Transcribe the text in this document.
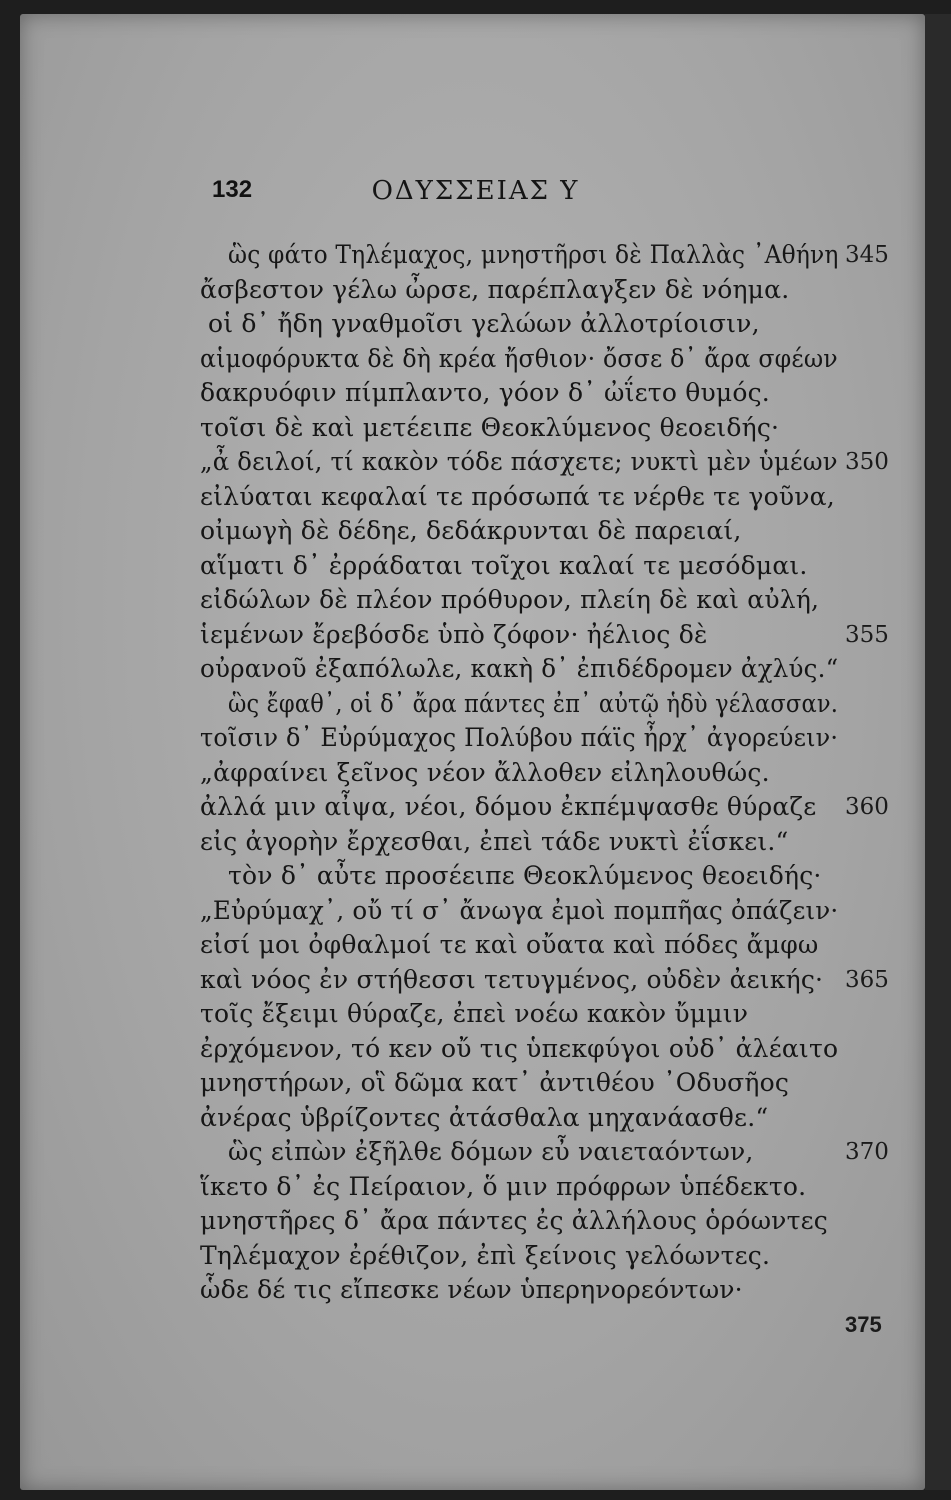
132	ΟΔΥΣΣΕΙΑΣ Υ
ὣς φάτο Τηλέμαχος, μνηστῆρσι δὲ Παλλὰς ᾿Αθήνη
ἄσβεστον γέλω ὦρσε, παρέπλαγξεν δὲ νόημα.
οἱ δ᾿ ἤδη γναθμοῖσι γελώων ἀλλοτρίοισιν,
αἱμοφόρυκτα δὲ δὴ κρέα ἤσθιον· ὄσσε δ᾿ ἄρα σφέων
δακρυόφιν πίμπλαντο, γόον δ᾿ ὠΐετο θυμός.
τοῖσι δὲ καὶ μετέειπε Θεοκλύμενος θεοειδής·
„ἆ δειλοί, τί κακὸν τόδε πάσχετε; νυκτὶ μὲν ὑμέων
εἰλύαται κεφαλαί τε πρόσωπά τε νέρθε τε γοῦνα,
οἰμωγὴ δὲ δέδηε, δεδάκρυνται δὲ παρειαί,
αἵματι δ᾿ ἐρράδαται τοῖχοι καλαί τε μεσόδμαι.
εἰδώλων δὲ πλέον πρόθυρον, πλείη δὲ καὶ αὐλή,
ἱεμένων ἔρεβόσδε ὑπὸ ζόφον· ἠέλιος δὲ
οὐρανοῦ ἐξαπόλωλε, κακὴ δ᾿ ἐπιδέδρομεν ἀχλύς.“
ὣς ἔφαθ᾿, οἱ δ᾿ ἄρα πάντες ἐπ᾿ αὐτῷ ἡδὺ γέλασσαν.
τοῖσιν δ᾿ Εὐρύμαχος Πολύβου πάϊς ἦρχ᾿ ἀγορεύειν·
„ἀφραίνει ξεῖνος νέον ἄλλοθεν εἰληλουθώς.
ἀλλά μιν αἶψα, νέοι, δόμου ἐκπέμψασθε θύραζε
εἰς ἀγορὴν ἔρχεσθαι, ἐπεὶ τάδε νυκτὶ ἐΐσκει.“
τὸν δ᾿ αὖτε προσέειπε Θεοκλύμενος θεοειδής·
„Εὐρύμαχ᾿, οὔ τί σ᾿ ἄνωγα ἐμοὶ πομπῆας ὀπάζειν·
εἰσί μοι ὀφθαλμοί τε καὶ οὔατα καὶ πόδες ἄμφω
καὶ νόος ἐν στήθεσσι τετυγμένος, οὐδὲν ἀεικής·
τοῖς ἔξειμι θύραζε, ἐπεὶ νοέω κακὸν ὔμμιν
ἐρχόμενον, τό κεν οὔ τις ὑπεκφύγοι οὐδ᾿ ἀλέαιτο
μνηστήρων, οἳ δῶμα κατ᾿ ἀντιθέου ᾿Οδυσῆος
ἀνέρας ὑβρίζοντες ἀτάσθαλα μηχανάασθε.“
ὣς εἰπὼν ἐξῆλθε δόμων εὖ ναιεταόντων,
ἵκετο δ᾿ ἐς Πείραιον, ὅ μιν πρόφρων ὑπέδεκτο.
μνηστῆρες δ᾿ ἄρα πάντες ἐς ἀλλήλους ὁρόωντες
Τηλέμαχον ἐρέθιζον, ἐπὶ ξείνοις γελόωντες.
ὧδε δέ τις εἴπεσκε νέων ὑπερηνορεόντων·
345
350
355
360
365
370
375
